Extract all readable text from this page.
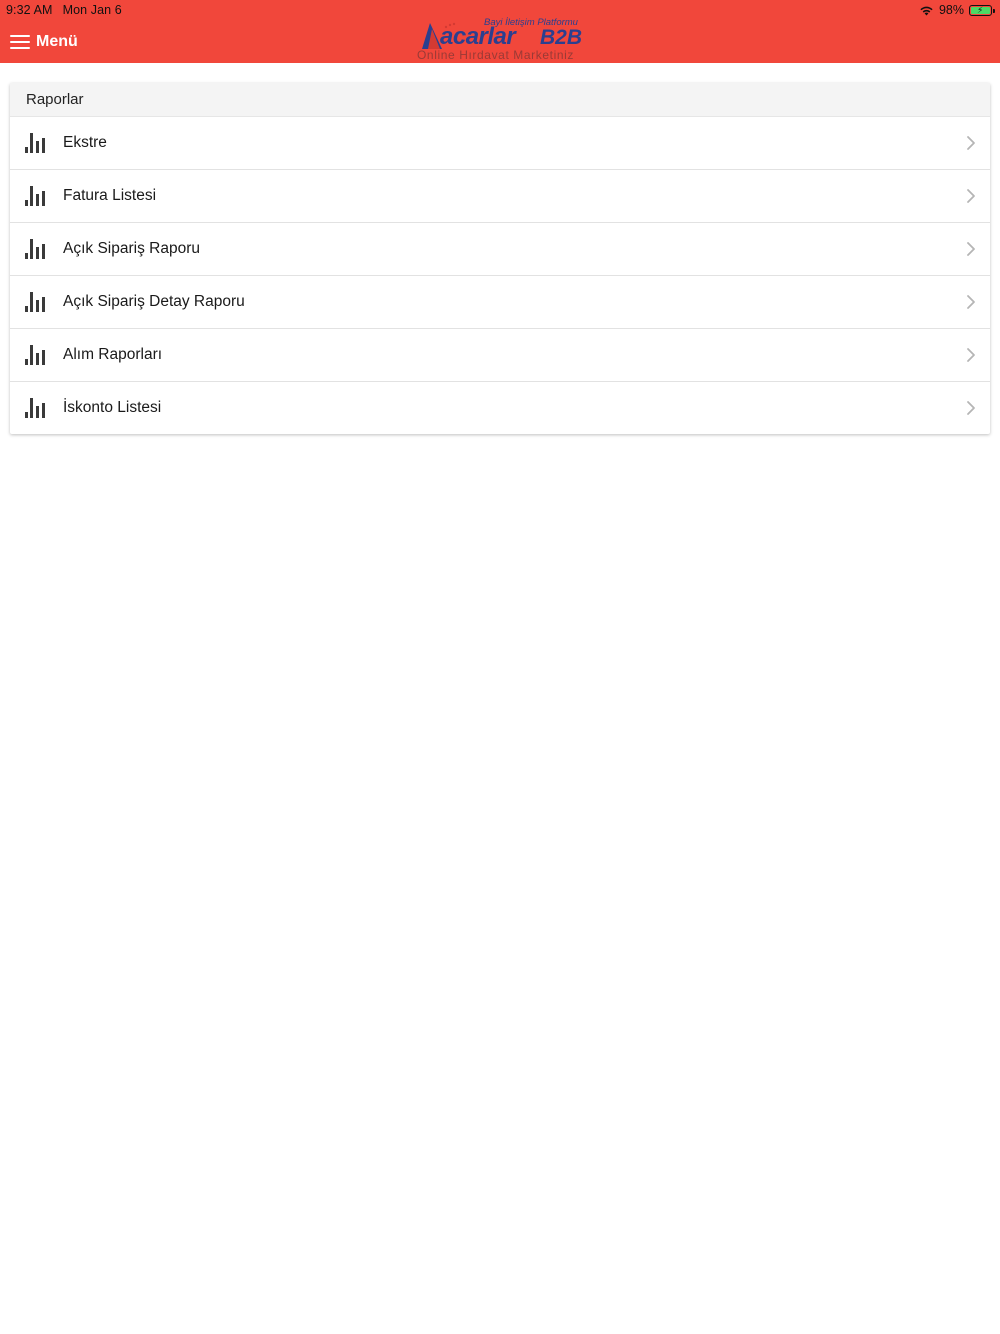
9:32 AM Mon Jan 6	98% ⚡
Menü
Bayi İletişim Platformu
acarlar B2B
Online Hırdavat Marketiniz
Raporlar
Ekstre
Fatura Listesi
Açık Sipariş Raporu
Açık Sipariş Detay Raporu
Alım Raporları
İskonto Listesi
